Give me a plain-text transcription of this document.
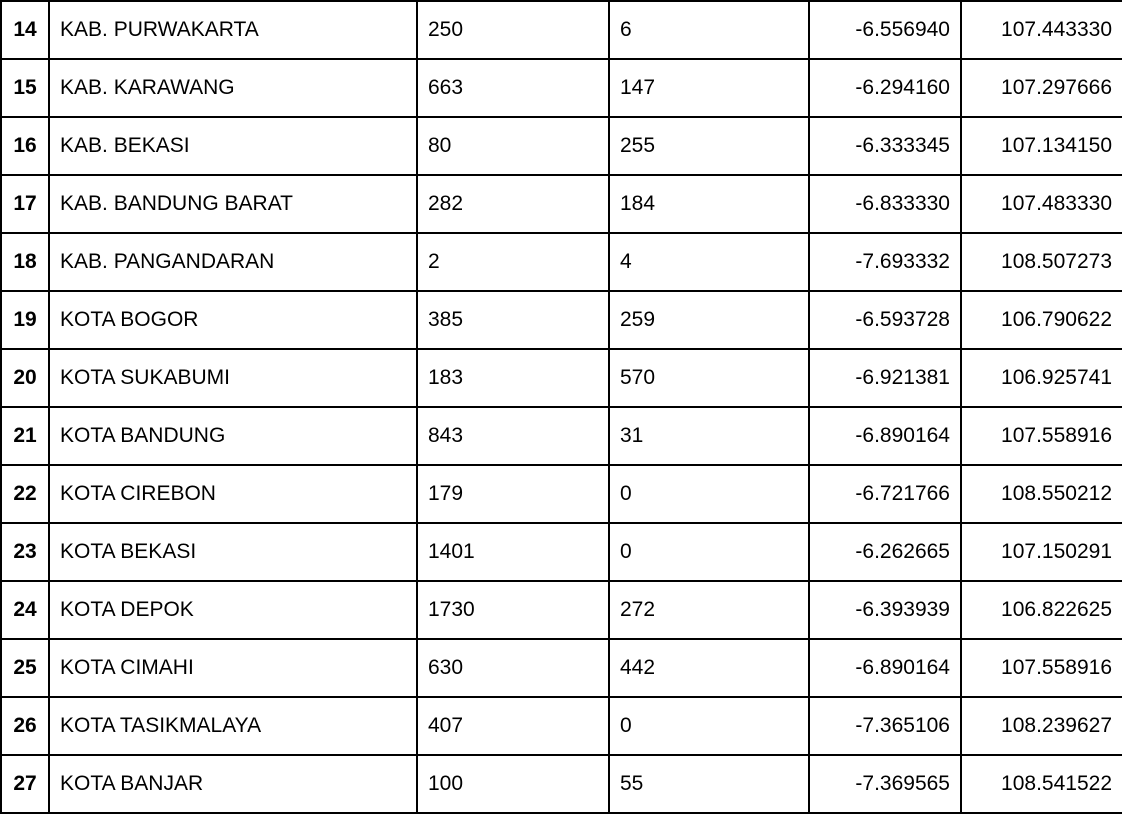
14	KAB. PURWAKARTA	250	6	-6.556940	107.443330
15	KAB. KARAWANG	663	147	-6.294160	107.297666
16	KAB. BEKASI	80	255	-6.333345	107.134150
17	KAB. BANDUNG BARAT	282	184	-6.833330	107.483330
18	KAB. PANGANDARAN	2	4	-7.693332	108.507273
19	KOTA BOGOR	385	259	-6.593728	106.790622
20	KOTA SUKABUMI	183	570	-6.921381	106.925741
21	KOTA BANDUNG	843	31	-6.890164	107.558916
22	KOTA CIREBON	179	0	-6.721766	108.550212
23	KOTA BEKASI	1401	0	-6.262665	107.150291
24	KOTA DEPOK	1730	272	-6.393939	106.822625
25	KOTA CIMAHI	630	442	-6.890164	107.558916
26	KOTA TASIKMALAYA	407	0	-7.365106	108.239627
27	KOTA BANJAR	100	55	-7.369565	108.541522
